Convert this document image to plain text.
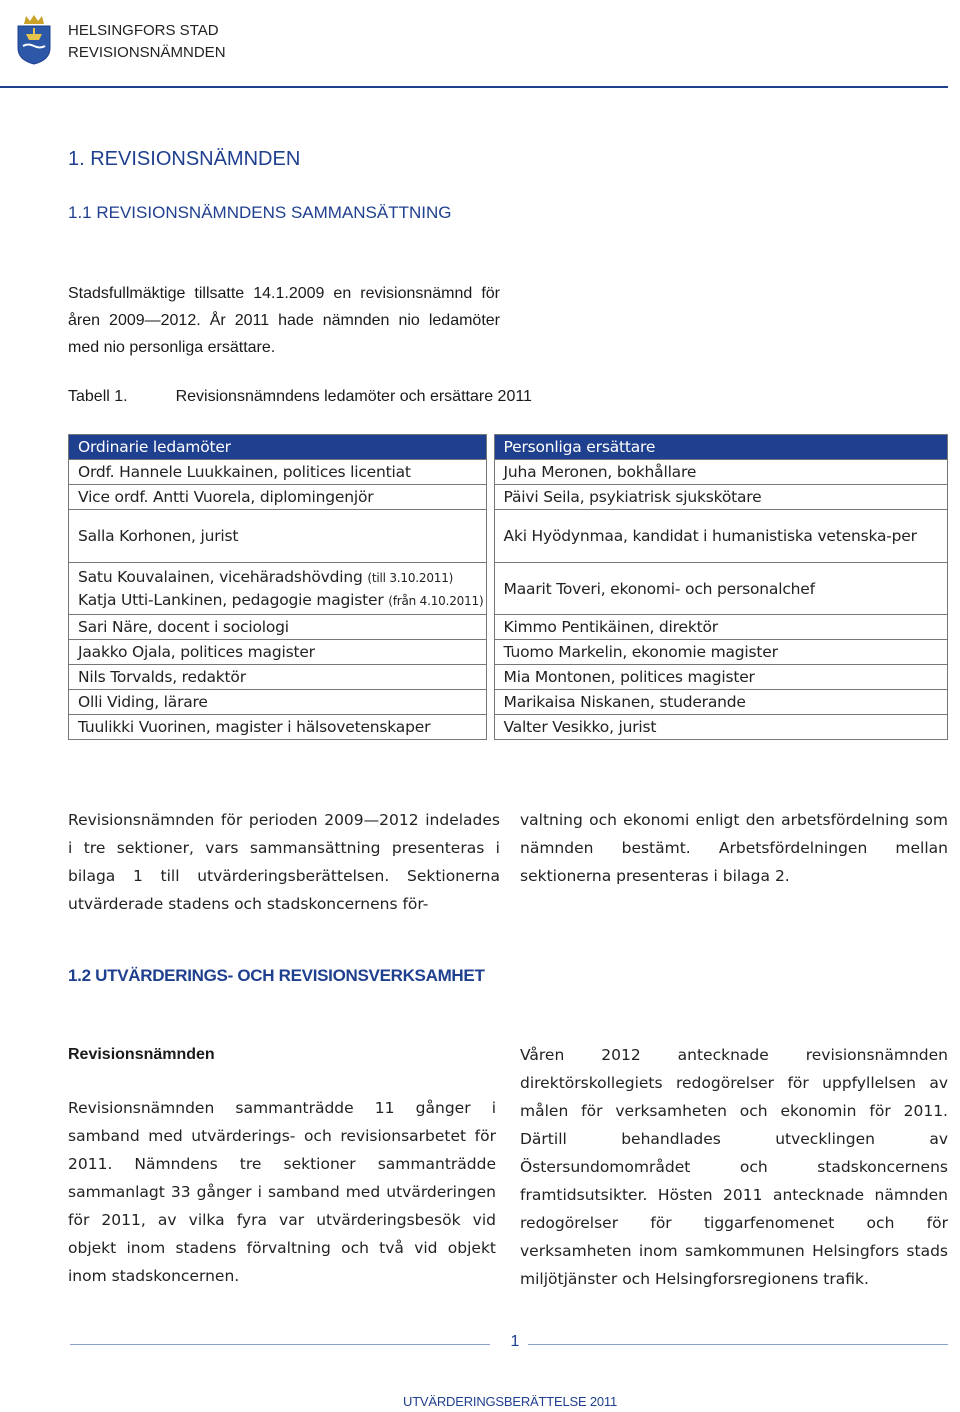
HELSINGFORS STAD
REVISIONSNÄMNDEN
1. REVISIONSNÄMNDEN
1.1 REVISIONSNÄMNDENS SAMMANSÄTTNING
Stadsfullmäktige tillsatte 14.1.2009 en revisionsnämnd för åren 2009—2012. År 2011 hade nämnden nio ledamöter med nio personliga ersättare.
Tabell 1.	Revisionsnämndens ledamöter och ersättare 2011
Ordinarie ledamöter		Personliga ersättare
Ordf. Hannele Luukkainen, politices licentiat		Juha Meronen, bokhållare
Vice ordf. Antti Vuorela, diplomingenjör		Päivi Seila, psykiatrisk sjukskötare
Salla Korhonen, jurist		Aki Hyödynmaa, kandidat i humanistiska vetenska-per
Satu Kouvalainen, vicehäradshövding (till 3.10.2011)
Katja Utti-Lankinen, pedagogie magister (från 4.10.2011)		Maarit Toveri, ekonomi- och personalchef
Sari Näre, docent i sociologi		Kimmo Pentikäinen, direktör
Jaakko Ojala, politices magister		Tuomo Markelin, ekonomie magister
Nils Torvalds, redaktör		Mia Montonen, politices magister
Olli Viding, lärare		Marikaisa Niskanen, studerande
Tuulikki Vuorinen, magister i hälsovetenskaper		Valter Vesikko, jurist
Revisionsnämnden för perioden 2009—2012 indelades i tre sektioner, vars sammansättning presenteras i bilaga 1 till utvärderingsberättelsen. Sektionerna utvärderade stadens och stadskoncernens för-
valtning och ekonomi enligt den arbetsfördelning som nämnden bestämt. Arbetsfördelningen mellan sektionerna presenteras i bilaga 2.
1.2 UTVÄRDERINGS- OCH REVISIONSVERKSAMHET
Revisionsnämnden
Revisionsnämnden sammanträdde 11 gånger i samband med utvärderings- och revisionsarbetet för 2011. Nämndens tre sektioner sammanträdde sammanlagt 33 gånger i samband med utvärderingen för 2011, av vilka fyra var utvärderingsbesök vid objekt inom stadens förvaltning och två vid objekt inom stadskoncernen.
Våren 2012 antecknade revisionsnämnden direktörskollegiets redogörelser för uppfyllelsen av målen för verksamheten och ekonomin för 2011. Därtill behandlades utvecklingen av Östersundomområdet och stadskoncernens framtidsutsikter. Hösten 2011 antecknade nämnden redogörelser för tiggarfenomenet och för verksamheten inom samkommunen Helsingfors stads miljötjänster och Helsingforsregionens trafik.
1
UTVÄRDERINGSBERÄTTELSE 2011
